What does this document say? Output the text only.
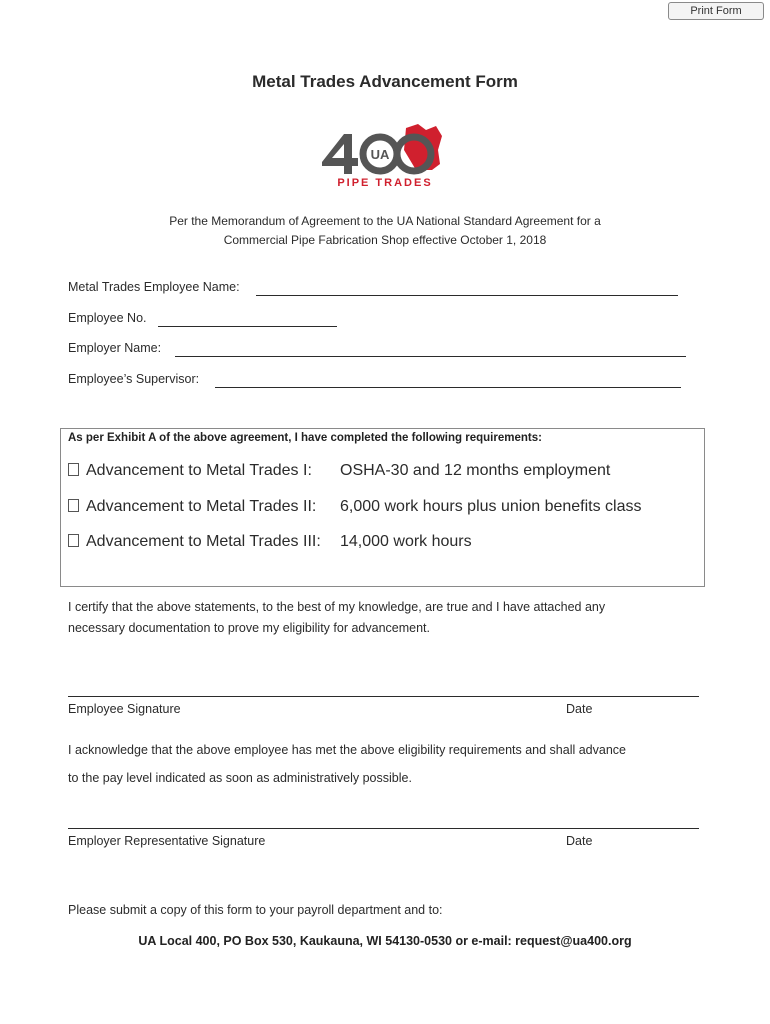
Print Form
Metal Trades Advancement Form
UA
PIPE TRADES
Per the Memorandum of Agreement to the UA National Standard Agreement for a
Commercial Pipe Fabrication Shop effective October 1, 2018
Metal Trades Employee Name:
Employee No.
Employer Name:
Employee’s Supervisor:
As per Exhibit A of the above agreement, I have completed the following requirements:
Advancement to Metal Trades I: OSHA-30 and 12 months employment
Advancement to Metal Trades II: 6,000 work hours plus union benefits class
Advancement to Metal Trades III: 14,000 work hours
I certify that the above statements, to the best of my knowledge, are true and I have attached any
necessary documentation to prove my eligibility for advancement.
Employee Signature	Date
I acknowledge that the above employee has met the above eligibility requirements and shall advance
to the pay level indicated as soon as administratively possible.
Employer Representative Signature	Date
Please submit a copy of this form to your payroll department and to:
UA Local 400, PO Box 530, Kaukauna, WI 54130-0530 or e-mail: request@ua400.org
